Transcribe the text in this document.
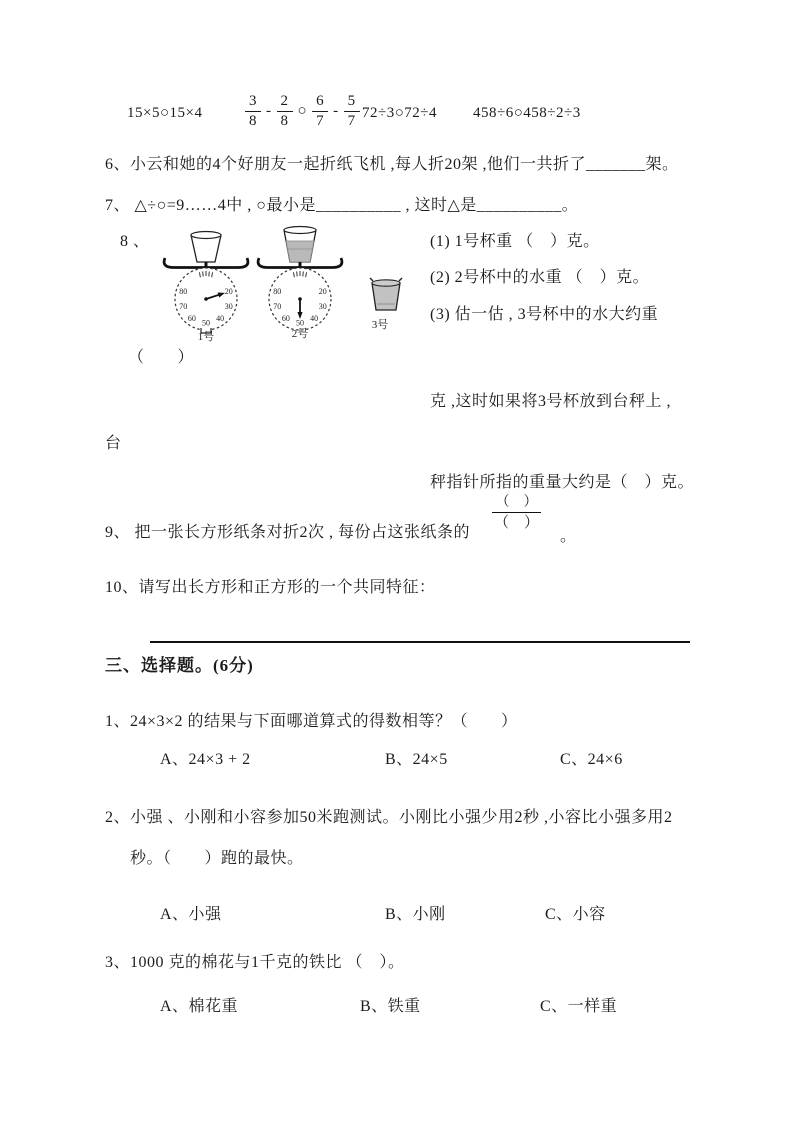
15×5○15×4	$\frac{3}{8} - \frac{2}{8}$ ○ $\frac{6}{7} - \frac{5}{7}$ 72÷3○72÷4 458÷6○458÷2÷3
6、小云和她的4个好朋友一起折纸飞机 ,每人折20架 ,他们一共折了_______架。
7、 △÷○=9……4中 , ○最小是__________ , 这时△是__________。
8 、
20
30
40
50
60
70
80
1号
20
30
40
50
60
70
80
2号
3号
(1) 1号杯重 （　）克。
(2) 2号杯中的水重 （　）克。
(3) 估一估 , 3号杯中的水大约重
（　　）
克 ,这时如果将3号杯放到台秤上 ,
台
秤指针所指的重量大约是（　）克。
9、 把一张长方形纸条对折2次 , 每份占这张纸条的
（　）
（　）
。
10、请写出长方形和正方形的一个共同特征：
三、选择题。(6分)
1、24×3×2 的结果与下面哪道算式的得数相等？（　　）
A、24×3 + 2	B、24×5	C、24×6
2、小强 、小刚和小容参加50米跑测试。小刚比小强少用2秒 ,小容比小强多用2
秒。（　　）跑的最快。
A、小强	B、小刚	C、小容
3、1000 克的棉花与1千克的铁比 （　）。
A、棉花重	B、铁重	C、一样重
